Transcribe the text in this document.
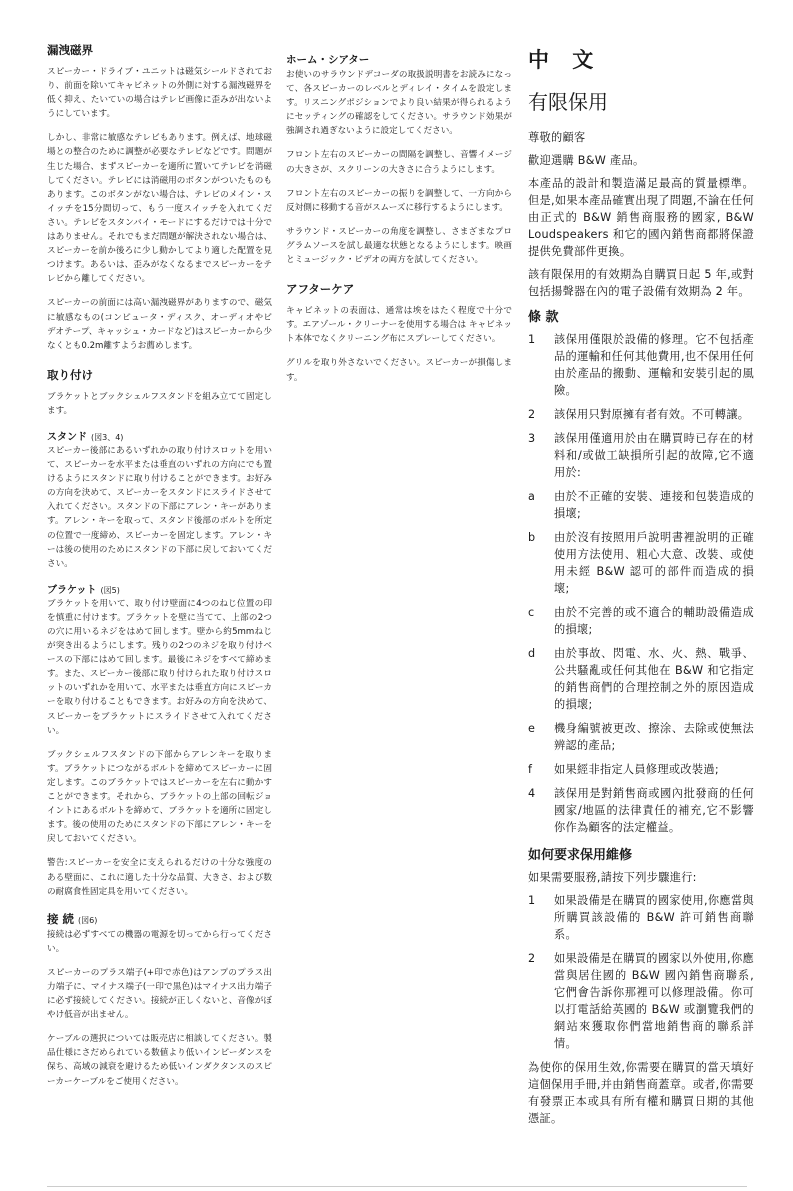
漏洩磁界

スピーカー・ドライブ・ユニットは磁気シールドされており、前面を除いてキャビネットの外側に対する漏洩磁界を低く抑え、たいていの場合はテレビ画像に歪みが出ないようにしています。

しかし、非常に敏感なテレビもあります。例えば、地球磁場との整合のために調整が必要なテレビなどです。問題が生じた場合、まずスピーカーを適所に置いてテレビを消磁してください。テレビには消磁用のボタンがついたものもあります。このボタンがない場合は、テレビのメイン・スイッチを15分間切って、もう一度スイッチを入れてください。テレビをスタンバイ・モードにするだけでは十分ではありません。それでもまだ問題が解決されない場合は、スピーカーを前か後ろに少し動かしてより適した配置を見つけます。あるいは、歪みがなくなるまでスピーカーをテレビから離してください。

スピーカーの前面には高い漏洩磁界がありますので、磁気に敏感なもの(コンピュータ・ディスク、オーディオやビデオテープ、キャッシュ・カードなど)はスピーカーから少なくとも0.2m離すようお薦めします。

取り付け

ブラケットとブックシェルフスタンドを組み立てて固定します。

スタンド (図3、4)

スピーカー後部にあるいずれかの取り付けスロットを用いて、スピーカーを水平または垂直のいずれの方向にでも置けるようにスタンドに取り付けることができます。お好みの方向を決めて、スピーカーをスタンドにスライドさせて入れてください。スタンドの下部にアレン・キーがあります。アレン・キーを取って、スタンド後部のボルトを所定の位置で一度締め、スピーカーを固定します。アレン・キーは後の使用のためにスタンドの下部に戻しておいてください。

ブラケット (図5)

ブラケットを用いて、取り付け壁面に4つのねじ位置の印を慎重に付けます。ブラケットを壁に当てて、上部の2つの穴に用いるネジをはめて回します。壁から約5mmねじが突き出るようにします。残りの2つのネジを取り付けベースの下部にはめて回します。最後にネジをすべて締めます。また、スピーカー後部に取り付けられた取り付けスロットのいずれかを用いて、水平または垂直方向にスピーカーを取り付けることもできます。お好みの方向を決めて、スピーカーをブラケットにスライドさせて入れてください。

ブックシェルフスタンドの下部からアレンキーを取ります。ブラケットにつながるボルトを締めてスピーカーに固定します。このブラケットではスピーカーを左右に動かすことができます。それから、ブラケットの上部の回転ジョイントにあるボルトを締めて、ブラケットを適所に固定します。後の使用のためにスタンドの下部にアレン・キーを戻しておいてください。

警告:スピーカーを安全に支えられるだけの十分な強度のある壁面に、これに適した十分な品質、大きさ、および数の耐腐食性固定具を用いてください。

接 続 (図6)

接続は必ずすべての機器の電源を切ってから行ってください。

スピーカーのプラス端子(+印で赤色)はアンプのプラス出力端子に、マイナス端子(一印で黒色)はマイナス出力端子に必ず接続してください。接続が正しくないと、音像がぼやけ低音が出ません。

ケーブルの選択については販売店に相談してください。製品仕様にさだめられている数値より低いインピーダンスを保ち、高域の減衰を避けるため低いインダクタンスのスピーカーケーブルをご使用ください。

ホーム・シアター

お使いのサラウンドデコーダの取扱説明書をお読みになって、各スピーカーのレベルとディレイ・タイムを設定します。リスニングポジションでより良い結果が得られるようにセッティングの確認をしてください。サラウンド効果が強調され過ぎないように設定してください。

フロント左右のスピーカーの間隔を調整し、音響イメージの大きさが、スクリーンの大きさに合うようにします。

フロント左右のスピーカーの振りを調整して、一方向から反対側に移動する音がスムーズに移行するようにします。

サラウンド・スピーカーの角度を調整し、さまざまなプログラムソースを試し最適な状態となるようにします。映画とミュージック・ビデオの両方を試してください。

アフターケア

キャビネットの表面は、通常は埃をはたく程度で十分です。エアゾール・クリーナーを使用する場合は キャビネット本体でなくクリーニング布にスプレーしてください。

グリルを取り外さないでください。スピーカーが損傷します。

中 文
有限保用

尊敬的顧客

歡迎選購 B&W 產品。

本產品的設計和製造滿足最高的質量標準。但是,如果本產品確實出現了問題,不論在任何由正式的 B&W 銷售商服務的國家, B&W Loudspeakers 和它的國內銷售商都將保證提供免費部件更換。

該有限保用的有效期為自購買日起 5 年,或對包括揚聲器在內的電子設備有效期為 2 年。

條 款
1	該保用僅限於設備的修理。它不包括產品的運輸和任何其他費用,也不保用任何由於產品的搬動、運輸和安裝引起的風險。
2	該保用只對原擁有者有效。不可轉讓。
3	該保用僅適用於由在購買時已存在的材料和/或做工缺損所引起的故障,它不適用於:
a	由於不正確的安裝、連接和包裝造成的損壞;
b	由於沒有按照用戶說明書裡說明的正確使用方法使用、粗心大意、改裝、或使用未經 B&W 認可的部件而造成的損壞;
c	由於不完善的或不適合的輔助設備造成的損壞;
d	由於事故、閃電、水、火、熱、戰爭、公共騷亂或任何其他在 B&W 和它指定的銷售商們的合理控制之外的原因造成的損壞;
e	機身編號被更改、擦涂、去除或使無法辨認的產品;
f	如果經非指定人員修理或改裝過;
4	該保用是對銷售商或國內批發商的任何國家/地區的法律責任的補充,它不影響你作為顧客的法定權益。
如何要求保用維修

如果需要服務,請按下列步驟進行:

1	如果設備是在購買的國家使用,你應當與所購買該設備的 B&W 許可銷售商聯系。
2	如果設備是在購買的國家以外使用,你應當與居住國的 B&W 國內銷售商聯系,它們會告訴你那裡可以修理設備。你可以打電話給英國的 B&W 或瀏覽我們的網站來獲取你們當地銷售商的聯系詳情。

為使你的保用生效,你需要在購買的當天填好這個保用手冊,并由銷售商蓋章。或者,你需要有發票正本或具有所有權和購買日期的其他憑証。
